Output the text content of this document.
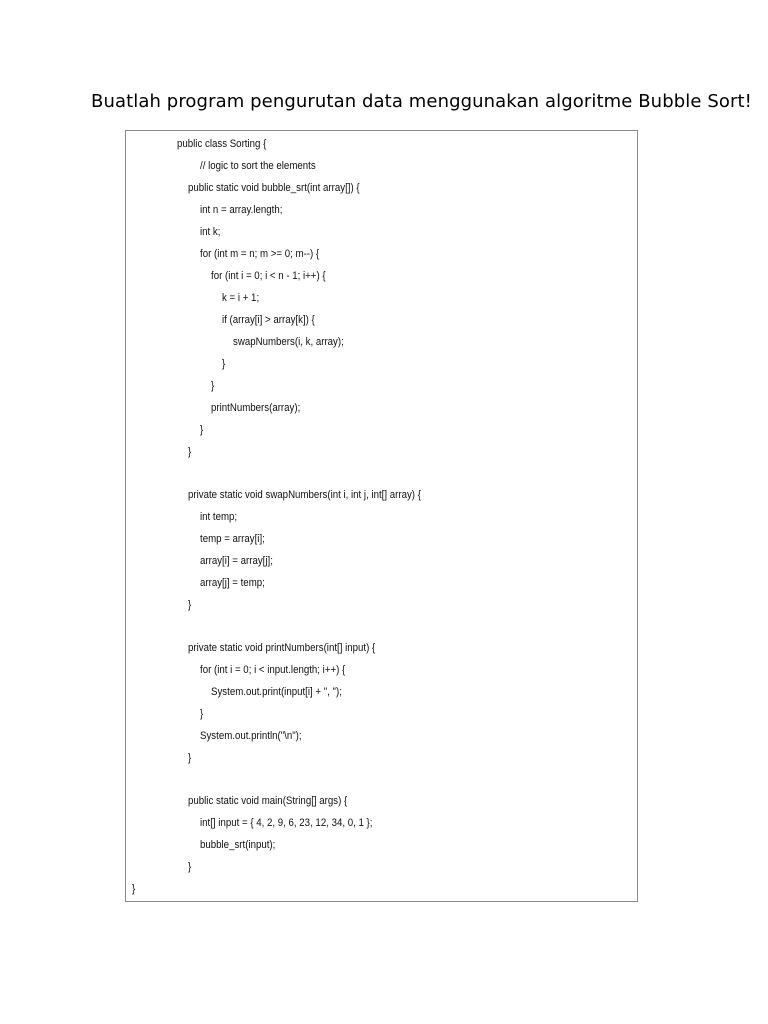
Buatlah program pengurutan data menggunakan algoritme Bubble Sort!
public class Sorting {
// logic to sort the elements
public static void bubble_srt(int array[]) {
int n = array.length;
int k;
for (int m = n; m >= 0; m--) {
for (int i = 0; i < n - 1; i++) {
k = i + 1;
if (array[i] > array[k]) {
swapNumbers(i, k, array);
}
}
printNumbers(array);
}
}
private static void swapNumbers(int i, int j, int[] array) {
int temp;
temp = array[i];
array[i] = array[j];
array[j] = temp;
}
private static void printNumbers(int[] input) {
for (int i = 0; i < input.length; i++) {
System.out.print(input[i] + ", ");
}
System.out.println("\n");
}
public static void main(String[] args) {
int[] input = { 4, 2, 9, 6, 23, 12, 34, 0, 1 };
bubble_srt(input);
}
}
